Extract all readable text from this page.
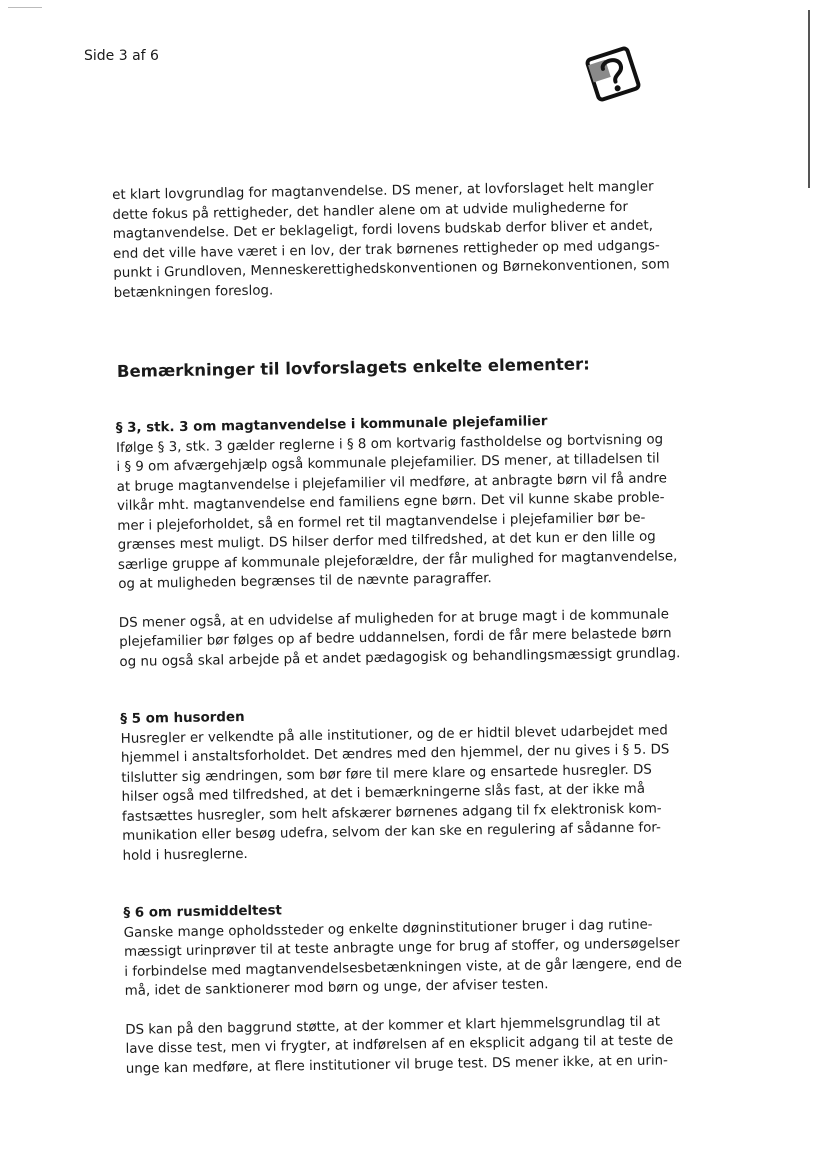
Side 3 af 6

et klart lovgrundlag for magtanvendelse. DS mener, at lovforslaget helt mangler

dette fokus på rettigheder, det handler alene om at udvide mulighederne for

magtanvendelse. Det er beklageligt, fordi lovens budskab derfor bliver et andet,

end det ville have været i en lov, der trak børnenes rettigheder op med udgangs-

punkt i Grundloven, Menneskerettighedskonventionen og Børnekonventionen, som

betænkningen foreslog.

Bemærkninger til lovforslagets enkelte elementer:

§ 3, stk. 3 om magtanvendelse i kommunale plejefamilier

Ifølge § 3, stk. 3 gælder reglerne i § 8 om kortvarig fastholdelse og bortvisning og

i § 9 om afværgehjælp også kommunale plejefamilier. DS mener, at tilladelsen til

at bruge magtanvendelse i plejefamilier vil medføre, at anbragte børn vil få andre

vilkår mht. magtanvendelse end familiens egne børn. Det vil kunne skabe proble-

mer i plejeforholdet, så en formel ret til magtanvendelse i plejefamilier bør be-

grænses mest muligt. DS hilser derfor med tilfredshed, at det kun er den lille og

særlige gruppe af kommunale plejeforældre, der får mulighed for magtanvendelse,

og at muligheden begrænses til de nævnte paragraffer.

DS mener også, at en udvidelse af muligheden for at bruge magt i de kommunale

plejefamilier bør følges op af bedre uddannelsen, fordi de får mere belastede børn

og nu også skal arbejde på et andet pædagogisk og behandlingsmæssigt grundlag.

§ 5 om husorden

Husregler er velkendte på alle institutioner, og de er hidtil blevet udarbejdet med

hjemmel i anstaltsforholdet. Det ændres med den hjemmel, der nu gives i § 5. DS

tilslutter sig ændringen, som bør føre til mere klare og ensartede husregler. DS

hilser også med tilfredshed, at det i bemærkningerne slås fast, at der ikke må

fastsættes husregler, som helt afskærer børnenes adgang til fx elektronisk kom-

munikation eller besøg udefra, selvom der kan ske en regulering af sådanne for-

hold i husreglerne.

§ 6 om rusmiddeltest

Ganske mange opholdssteder og enkelte døgninstitutioner bruger i dag rutine-

mæssigt urinprøver til at teste anbragte unge for brug af stoffer, og undersøgelser

i forbindelse med magtanvendelsesbetænkningen viste, at de går længere, end de

må, idet de sanktionerer mod børn og unge, der afviser testen.

DS kan på den baggrund støtte, at der kommer et klart hjemmelsgrundlag til at

lave disse test, men vi frygter, at indførelsen af en eksplicit adgang til at teste de

unge kan medføre, at flere institutioner vil bruge test. DS mener ikke, at en urin-
